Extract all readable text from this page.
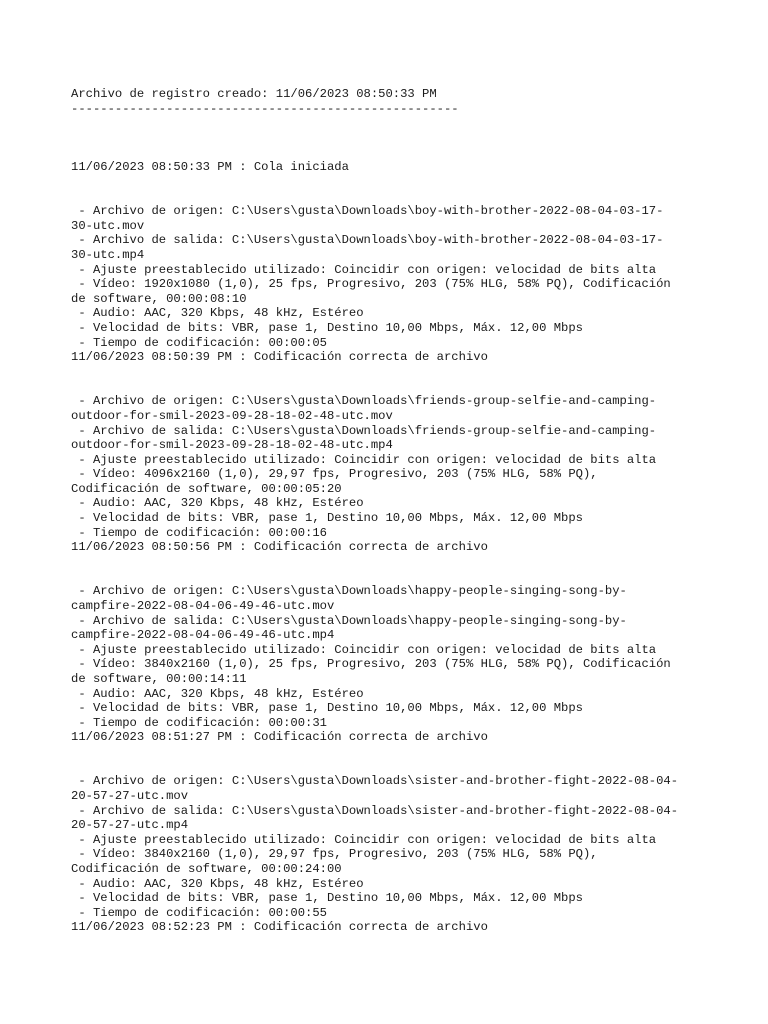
Archivo de registro creado: 11/06/2023 08:50:33 PM
-----------------------------------------------------
11/06/2023 08:50:33 PM : Cola iniciada
- Archivo de origen: C:\Users\gusta\Downloads\boy-with-brother-2022-08-04-03-17-
30-utc.mov
- Archivo de salida: C:\Users\gusta\Downloads\boy-with-brother-2022-08-04-03-17-
30-utc.mp4
- Ajuste preestablecido utilizado: Coincidir con origen: velocidad de bits alta
- Vídeo: 1920x1080 (1,0), 25 fps, Progresivo, 203 (75% HLG, 58% PQ), Codificación
de software, 00:00:08:10
- Audio: AAC, 320 Kbps, 48 kHz, Estéreo
- Velocidad de bits: VBR, pase 1, Destino 10,00 Mbps, Máx. 12,00 Mbps
- Tiempo de codificación: 00:00:05
11/06/2023 08:50:39 PM : Codificación correcta de archivo
- Archivo de origen: C:\Users\gusta\Downloads\friends-group-selfie-and-camping-
outdoor-for-smil-2023-09-28-18-02-48-utc.mov
- Archivo de salida: C:\Users\gusta\Downloads\friends-group-selfie-and-camping-
outdoor-for-smil-2023-09-28-18-02-48-utc.mp4
- Ajuste preestablecido utilizado: Coincidir con origen: velocidad de bits alta
- Vídeo: 4096x2160 (1,0), 29,97 fps, Progresivo, 203 (75% HLG, 58% PQ),
Codificación de software, 00:00:05:20
- Audio: AAC, 320 Kbps, 48 kHz, Estéreo
- Velocidad de bits: VBR, pase 1, Destino 10,00 Mbps, Máx. 12,00 Mbps
- Tiempo de codificación: 00:00:16
11/06/2023 08:50:56 PM : Codificación correcta de archivo
- Archivo de origen: C:\Users\gusta\Downloads\happy-people-singing-song-by-
campfire-2022-08-04-06-49-46-utc.mov
- Archivo de salida: C:\Users\gusta\Downloads\happy-people-singing-song-by-
campfire-2022-08-04-06-49-46-utc.mp4
- Ajuste preestablecido utilizado: Coincidir con origen: velocidad de bits alta
- Vídeo: 3840x2160 (1,0), 25 fps, Progresivo, 203 (75% HLG, 58% PQ), Codificación
de software, 00:00:14:11
- Audio: AAC, 320 Kbps, 48 kHz, Estéreo
- Velocidad de bits: VBR, pase 1, Destino 10,00 Mbps, Máx. 12,00 Mbps
- Tiempo de codificación: 00:00:31
11/06/2023 08:51:27 PM : Codificación correcta de archivo
- Archivo de origen: C:\Users\gusta\Downloads\sister-and-brother-fight-2022-08-04-
20-57-27-utc.mov
- Archivo de salida: C:\Users\gusta\Downloads\sister-and-brother-fight-2022-08-04-
20-57-27-utc.mp4
- Ajuste preestablecido utilizado: Coincidir con origen: velocidad de bits alta
- Vídeo: 3840x2160 (1,0), 29,97 fps, Progresivo, 203 (75% HLG, 58% PQ),
Codificación de software, 00:00:24:00
- Audio: AAC, 320 Kbps, 48 kHz, Estéreo
- Velocidad de bits: VBR, pase 1, Destino 10,00 Mbps, Máx. 12,00 Mbps
- Tiempo de codificación: 00:00:55
11/06/2023 08:52:23 PM : Codificación correcta de archivo
